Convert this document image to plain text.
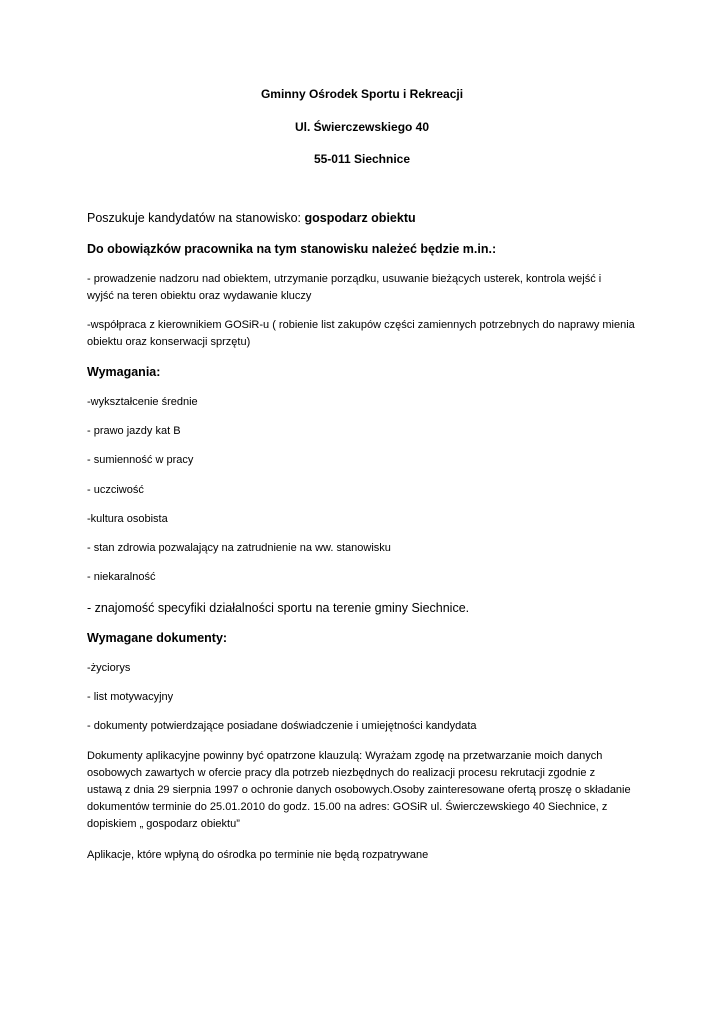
Gminny Ośrodek Sportu i Rekreacji
Ul. Świerczewskiego 40
55-011 Siechnice
Poszukuje kandydatów na stanowisko: gospodarz obiektu
Do obowiązków pracownika na tym stanowisku należeć będzie m.in.:
- prowadzenie nadzoru nad obiektem, utrzymanie porządku, usuwanie bieżących usterek, kontrola wejść i
wyjść na teren obiektu oraz wydawanie kluczy
-współpraca z kierownikiem GOSiR-u ( robienie list zakupów części zamiennych potrzebnych do naprawy mienia
obiektu oraz konserwacji sprzętu)
Wymagania:
-wykształcenie średnie
- prawo jazdy kat B
- sumienność w pracy
- uczciwość
-kultura osobista
- stan zdrowia pozwalający na zatrudnienie na ww. stanowisku
- niekaralność
- znajomość specyfiki działalności sportu na terenie gminy Siechnice.
Wymagane dokumenty:
-życiorys
- list motywacyjny
- dokumenty potwierdzające posiadane doświadczenie i umiejętności kandydata
Dokumenty aplikacyjne powinny być opatrzone klauzulą: Wyrażam zgodę na przetwarzanie moich danych
osobowych zawartych w ofercie pracy dla potrzeb niezbędnych do realizacji procesu rekrutacji zgodnie z
ustawą z dnia 29 sierpnia 1997 o ochronie danych osobowych.Osoby zainteresowane ofertą proszę o składanie
dokumentów terminie do 25.01.2010 do godz. 15.00 na adres: GOSiR ul. Świerczewskiego 40 Siechnice, z
dopiskiem „ gospodarz obiektu”
Aplikacje, które wpłyną do ośrodka po terminie nie będą rozpatrywane
